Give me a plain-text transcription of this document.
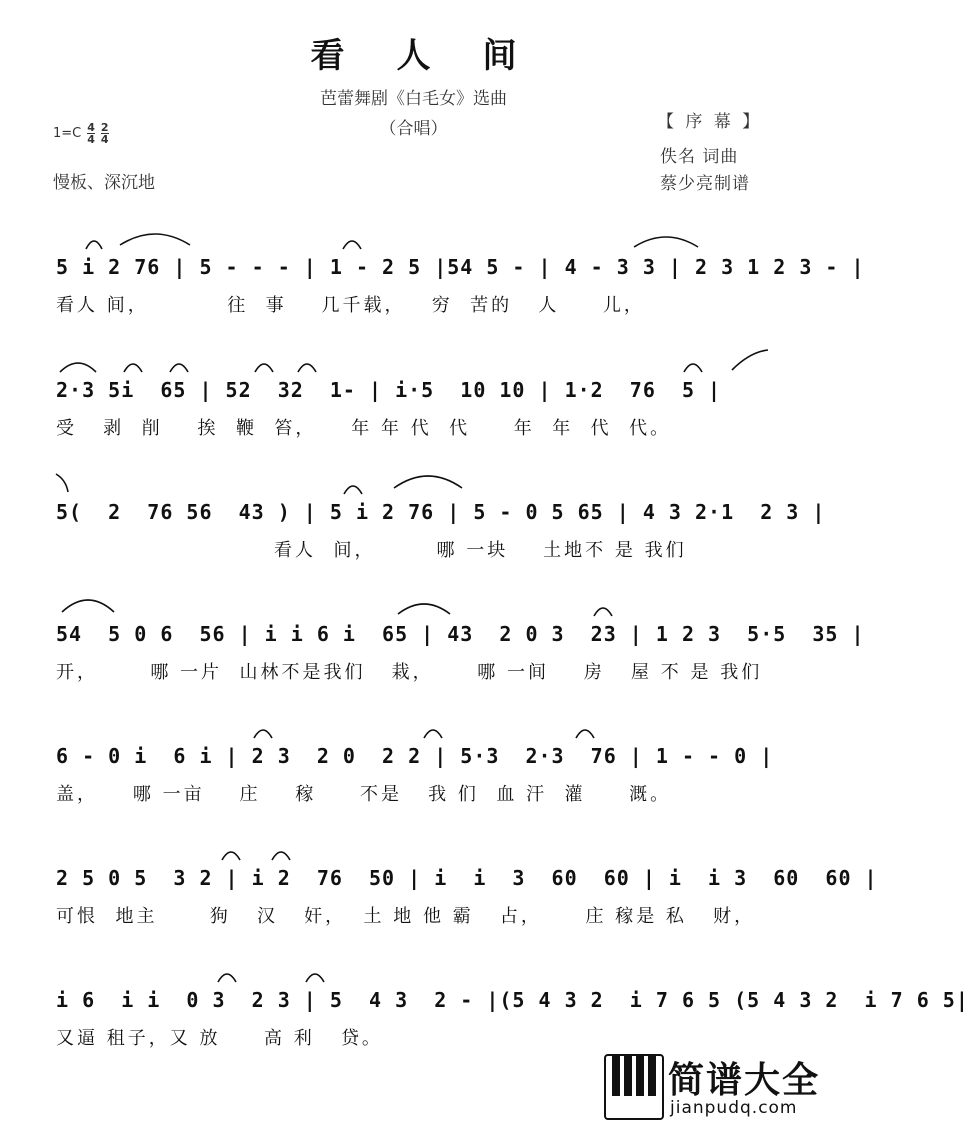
看人间
芭蕾舞剧《白毛女》选曲
（合唱）	【 序 幕 】
佚名 词曲
蔡少亮制谱
$1=C \frac{4}{4} \frac{2}{4}$
慢板、深沉地
5 i 2 76 | 5 - - - | 1 - 2 5 |54 5 - | 4 - 3 3 | 2 3 1 2 3 - |
看人 间，         往  事    几千载，   穷  苦的   人     儿，
2·3 5i  65 | 52  32  1- | i·5  10 10 | 1·2  76  5 |
受   剥  削    挨  鞭  笞，    年 年 代  代     年  年  代  代。
5(  2  76 56  43 ) | 5 i 2 76 | 5 - 0 5 65 | 4 3 2·1  2 3 |
看人  间，       哪 一块    土地不 是 我们
54  5 0 6  56 | i i 6 i  65 | 43  2 0 3  23 | 1 2 3  5·5  35 |
开，      哪 一片  山林不是我们   栽，     哪 一间    房   屋 不 是 我们
6 - 0 i  6 i | 2 3  2 0  2 2 | 5·3  2·3  76 | 1 - - 0 |
盖，    哪 一亩    庄    稼     不是   我 们  血 汗  灌     溉。
2 5 0 5  3 2 | i 2  76  50 | i  i  3  60  60 | i  i 3  60  60 |
可恨  地主      狗   汉   奸，  土 地 他 霸   占，     庄 稼是 私   财，
i 6  i i  0 3  2 3 | 5  4 3  2 - |(5 4 3 2  i 7 6 5 (5 4 3 2  i 7 6 5|
又逼 租子，又 放     高 利   贷。
简谱大全
jianpudq.com
